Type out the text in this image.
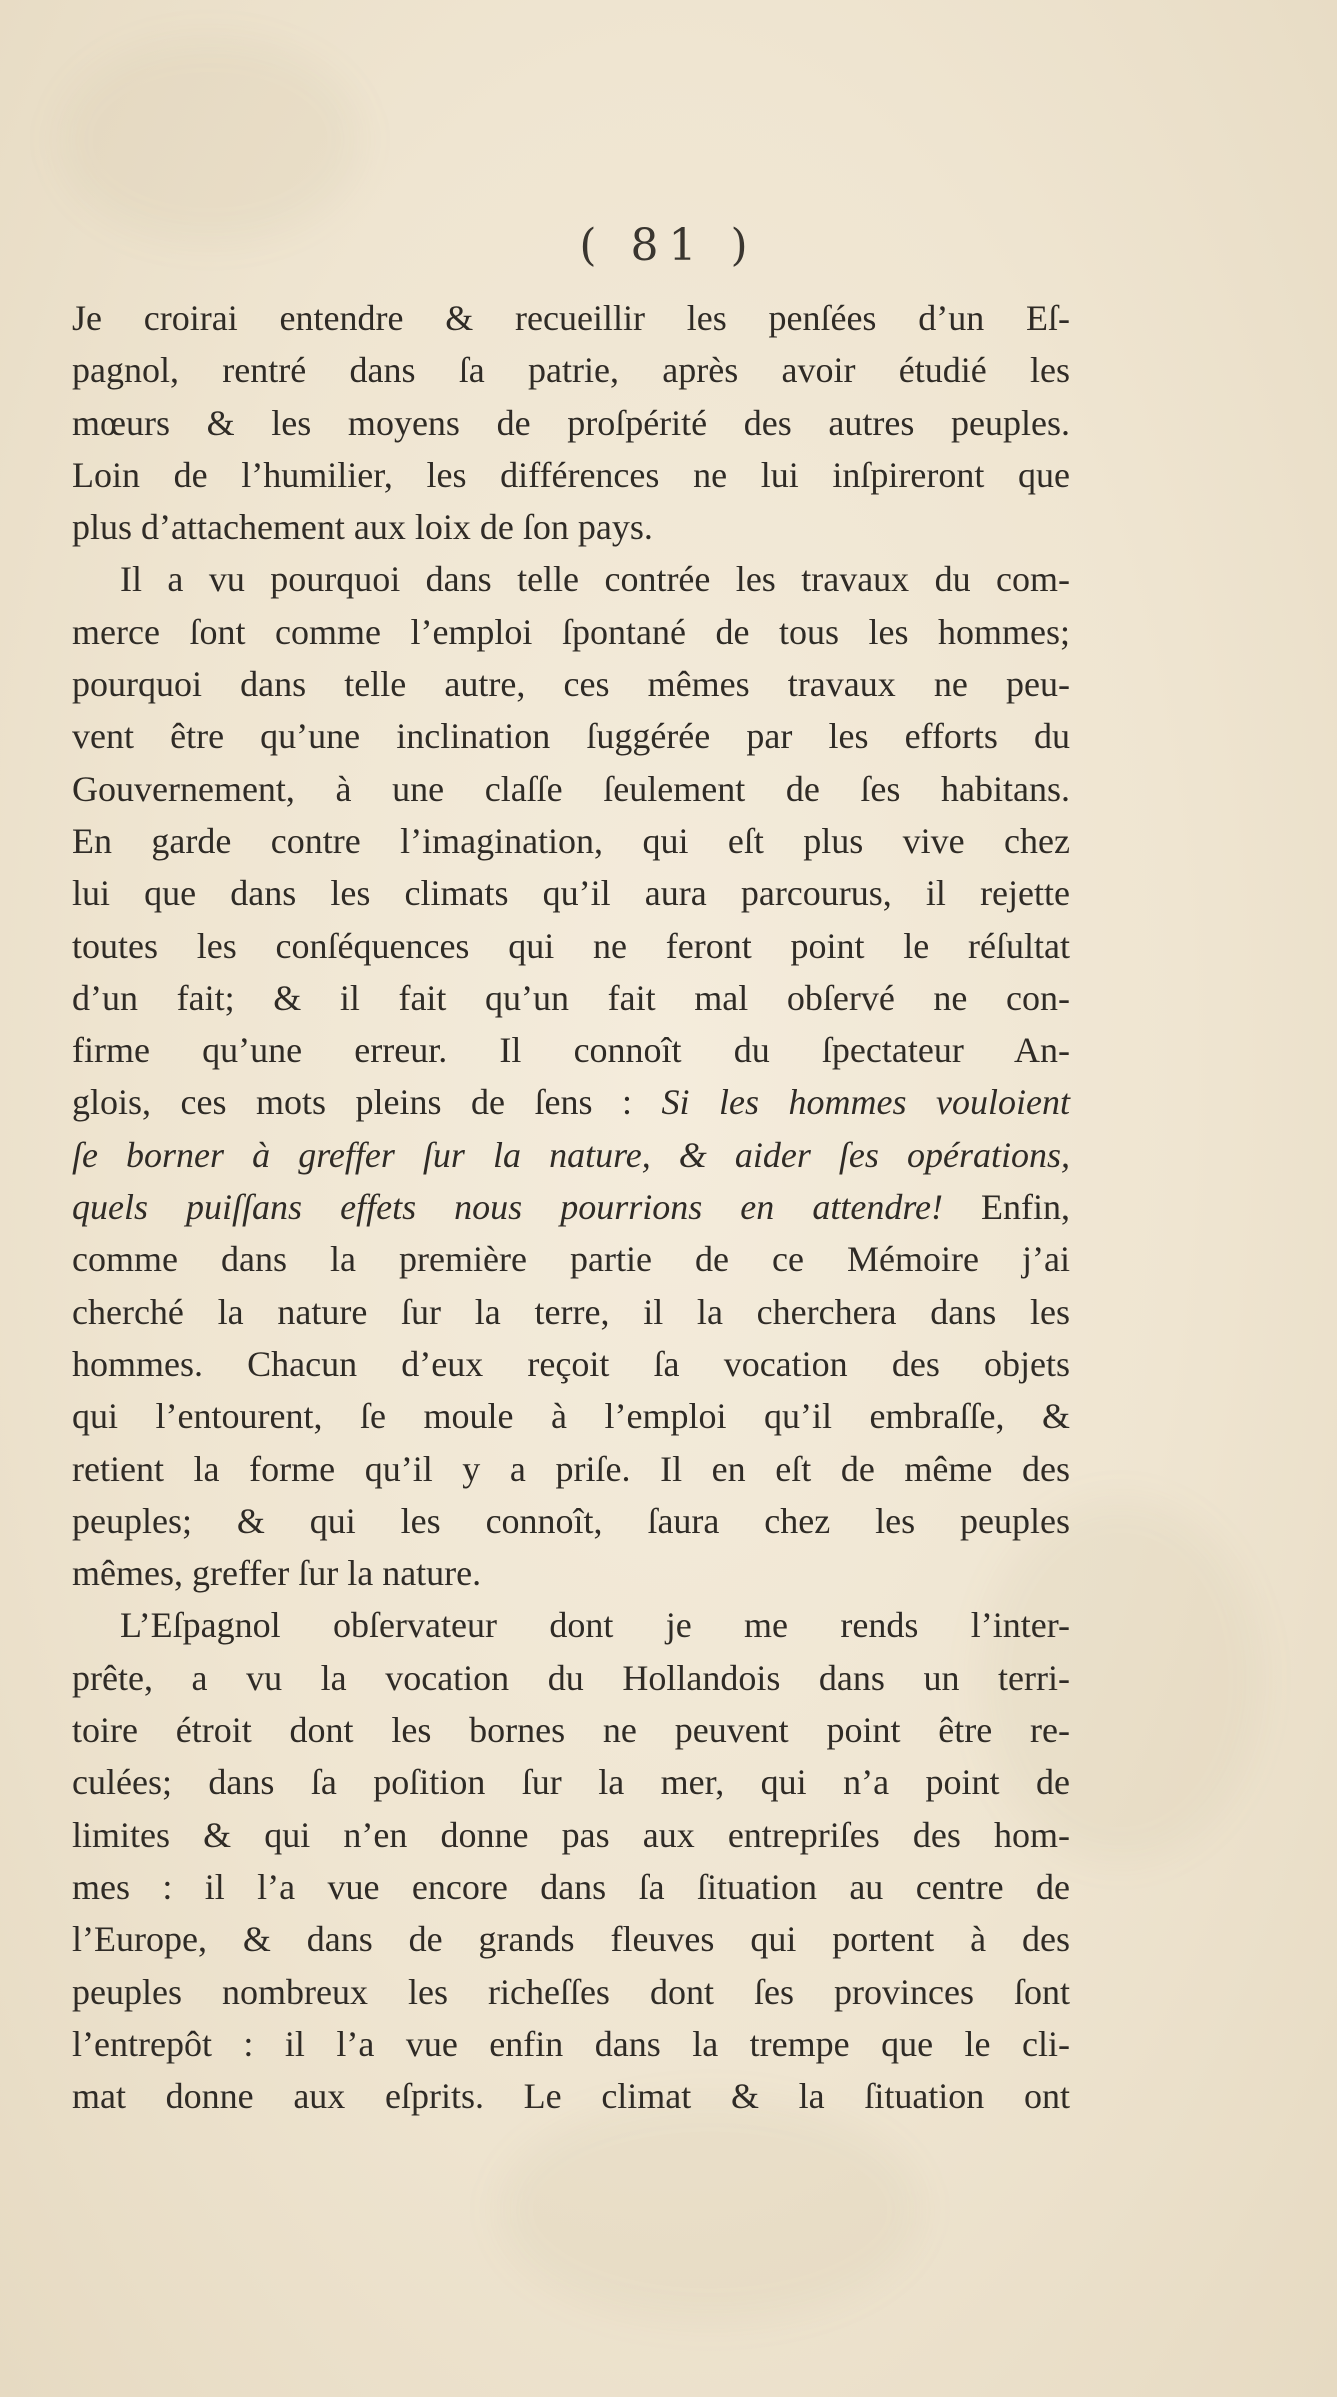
( 81 )
Je croirai entendre & recueillir les penſées d’un Eſ-
pagnol, rentré dans ſa patrie, après avoir étudié les
mœurs & les moyens de proſpérité des autres peuples.
Loin de l’humilier, les différences ne lui inſpireront que
plus d’attachement aux loix de ſon pays.
Il a vu pourquoi dans telle contrée les travaux du com-
merce ſont comme l’emploi ſpontané de tous les hommes;
pourquoi dans telle autre, ces mêmes travaux ne peu-
vent être qu’une inclination ſuggérée par les efforts du
Gouvernement, à une claſſe ſeulement de ſes habitans.
En garde contre l’imagination, qui eſt plus vive chez
lui que dans les climats qu’il aura parcourus, il rejette
toutes les conſéquences qui ne feront point le réſultat
d’un fait; & il fait qu’un fait mal obſervé ne con-
firme qu’une erreur. Il connoît du ſpectateur An-
glois, ces mots pleins de ſens : Si les hommes vouloient
ſe borner à greffer ſur la nature, & aider ſes opérations,
quels puiſſans effets nous pourrions en attendre! Enfin,
comme dans la première partie de ce Mémoire j’ai
cherché la nature ſur la terre, il la cherchera dans les
hommes. Chacun d’eux reçoit ſa vocation des objets
qui l’entourent, ſe moule à l’emploi qu’il embraſſe, &
retient la forme qu’il y a priſe. Il en eſt de même des
peuples; & qui les connoît, ſaura chez les peuples
mêmes, greffer ſur la nature.
L’Eſpagnol obſervateur dont je me rends l’inter-
prête, a vu la vocation du Hollandois dans un terri-
toire étroit dont les bornes ne peuvent point être re-
culées; dans ſa poſition ſur la mer, qui n’a point de
limites & qui n’en donne pas aux entrepriſes des hom-
mes : il l’a vue encore dans ſa ſituation au centre de
l’Europe, & dans de grands fleuves qui portent à des
peuples nombreux les richeſſes dont ſes provinces ſont
l’entrepôt : il l’a vue enfin dans la trempe que le cli-
mat donne aux eſprits. Le climat & la ſituation ont
